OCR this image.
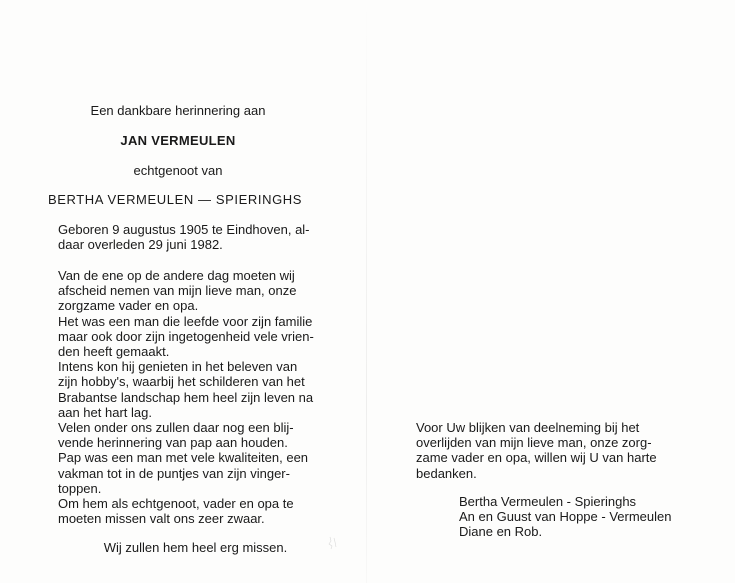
Een dankbare herinnering aan
JAN VERMEULEN
echtgenoot van
BERTHA VERMEULEN — SPIERINGHS

Geboren 9 augustus 1905 te Eindhoven, al-

daar overleden 29 juni 1982.

Van de ene op de andere dag moeten wij

afscheid nemen van mijn lieve man, onze

zorgzame vader en opa.

Het was een man die leefde voor zijn familie

maar ook door zijn ingetogenheid vele vrien-

den heeft gemaakt.

Intens kon hij genieten in het beleven van

zijn hobby's, waarbij het schilderen van het

Brabantse landschap hem heel zijn leven na

aan het hart lag.

Velen onder ons zullen daar nog een blij-

vende herinnering van pap aan houden.

Pap was een man met vele kwaliteiten, een

vakman tot in de puntjes van zijn vinger-

toppen.

Om hem als echtgenoot, vader en opa te

moeten missen valt ons zeer zwaar.

Wij zullen hem heel erg missen.
Voor Uw blijken van deelneming bij het
overlijden van mijn lieve man, onze zorg-
zame vader en opa, willen wij U van harte
bedanken.
Bertha Vermeulen - Spieringhs
An en Guust van Hoppe - Vermeulen
Diane en Rob.
